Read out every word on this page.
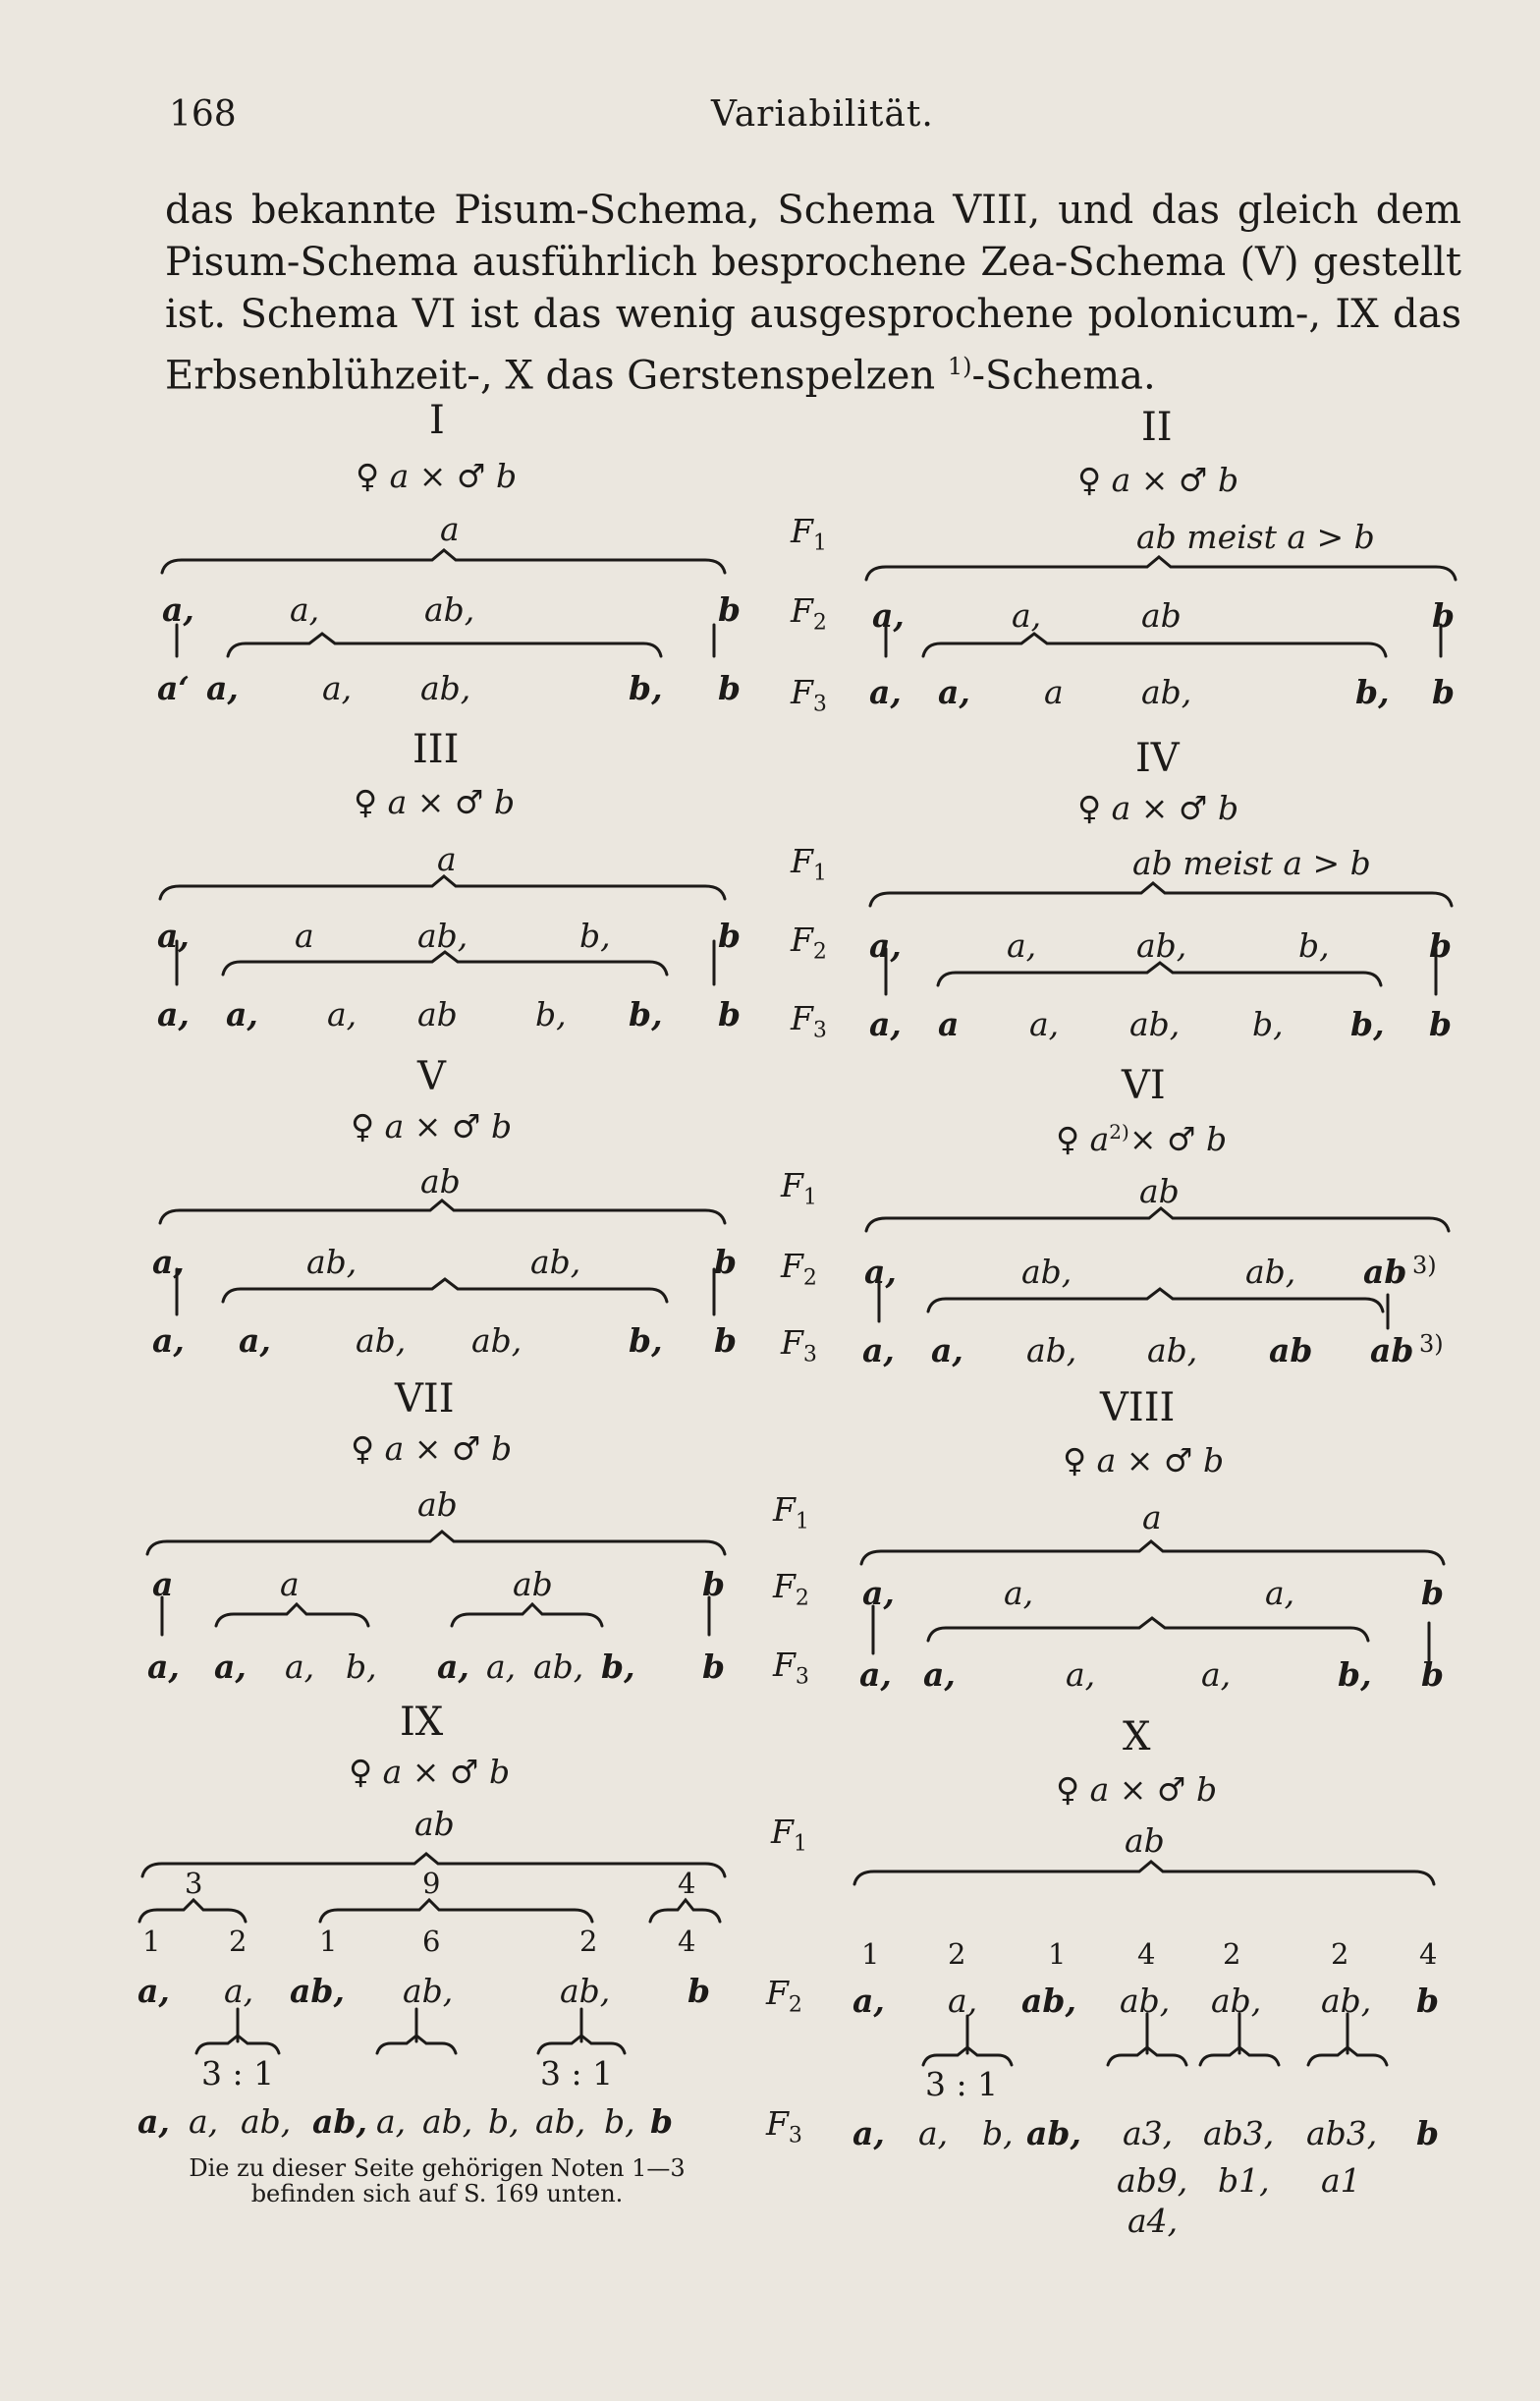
168	Variabilität.

das bekannte Pisum-Schema, Schema VIII, und das gleich dem Pisum-Schema ausführlich besprochene Zea-Schema (V) gestellt ist. Schema VI ist das wenig ausgesprochene polonicum-, IX das Erbsenblühzeit-, X das Gerstenspelzen $^{1)}$-Schema.

$F_1$
$F_2$
$F_3$
$F_1$
$F_2$
$F_3$
$F_1$
$F_2$
$F_3$
$F_1$
$F_2$
$F_3$
$F_1$
$F_2$
$F_3$
I
♀ a × ♂ b
a
a,	a,	ab,	b
a‘ a,	a, ab,	b, b
II
♀ a × ♂ b
ab meist a > b
a,	a,	ab	b
a, a, a ab,	b, b
III
♀ a × ♂ b
a
a,	a	ab,	b,	b
a, a, a, ab b, b, b
IV
♀ a × ♂ b
ab meist a > b
a,	a,	ab,	b,	b
a, a a, ab, b, b, b
V
♀ a × ♂ b
ab
a,	ab,	ab,	b
a, a,	ab, ab,	b, b
VI
♀ $a^{2)}\times$ ♂ b
ab
a,	ab,	ab, ab 3)
a, a, ab, ab, ab ab 3)
VII
♀ a × ♂ b
ab
a	a	ab	b
a, a, a, b, a, a, ab, b, b
VIII
♀ a × ♂ b
a
a,	a,	a,	b
a, a,	a,	a,	b, b
IX
♀ a × ♂ b
ab
3	9	4
1 2	1	6	2	4
a, a, ab, ab,	ab, b
3 : 1	3 : 1
a, a, ab, ab, a, ab, b, ab, b, b
X
♀ a × ♂ b
ab
1 2	1	4 2	2 4
a, a, ab, ab, ab, ab, b
3 : 1
a, a, b, ab, a3, ab3, ab3, b
ab9, b1, a1
a4,

Die zu dieser Seite gehörigen Noten 1—3 befinden sich auf S. 169 unten.
